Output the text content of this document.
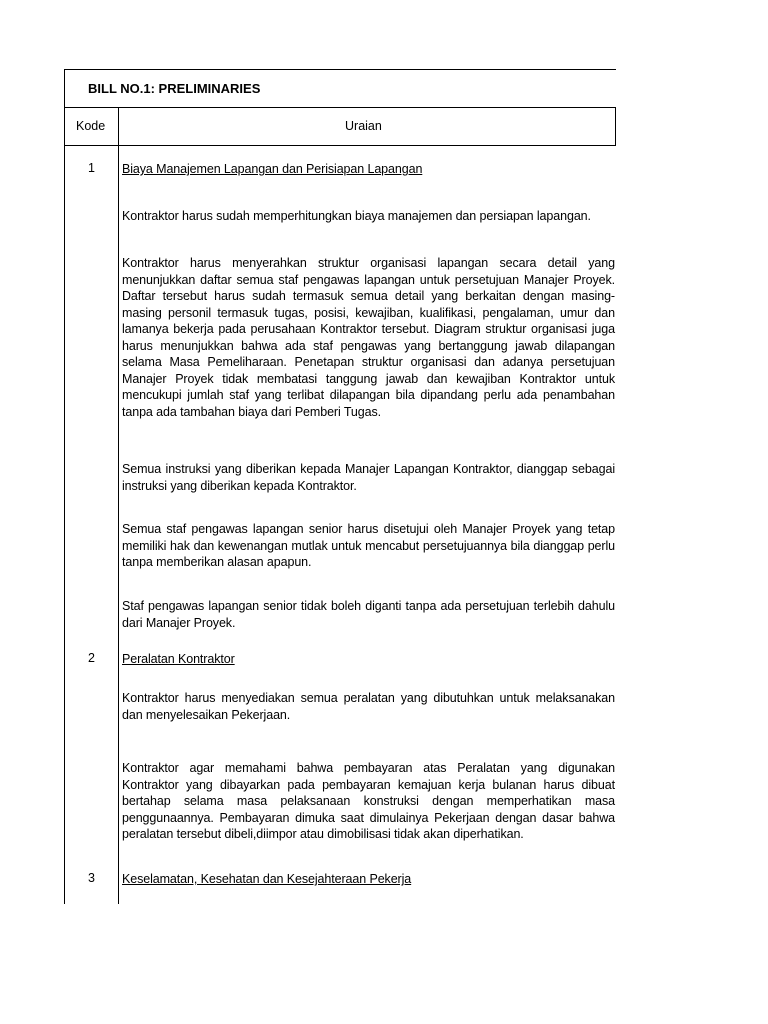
BILL NO.1: PRELIMINARIES
Kode	Uraian
1	Biaya Manajemen Lapangan dan Perisiapan Lapangan
Kontraktor harus sudah memperhitungkan biaya manajemen dan persiapan lapangan.
Kontraktor harus menyerahkan struktur organisasi lapangan secara detail yang menunjukkan daftar semua staf pengawas lapangan untuk persetujuan Manajer Proyek. Daftar tersebut harus sudah termasuk semua detail yang berkaitan dengan masing-masing personil termasuk tugas, posisi, kewajiban, kualifikasi, pengalaman, umur dan lamanya bekerja pada perusahaan Kontraktor tersebut. Diagram struktur organisasi juga harus menunjukkan bahwa ada staf pengawas yang bertanggung jawab dilapangan selama Masa Pemeliharaan. Penetapan struktur organisasi dan adanya persetujuan Manajer Proyek tidak membatasi tanggung jawab dan kewajiban Kontraktor untuk mencukupi jumlah staf yang terlibat dilapangan bila dipandang perlu ada penambahan tanpa ada tambahan biaya dari Pemberi Tugas.
Semua instruksi yang diberikan kepada Manajer Lapangan Kontraktor, dianggap sebagai instruksi yang diberikan kepada Kontraktor.
Semua staf pengawas lapangan senior harus disetujui oleh Manajer Proyek yang tetap memiliki hak dan kewenangan mutlak untuk mencabut persetujuannya bila dianggap perlu tanpa memberikan alasan apapun.
Staf pengawas lapangan senior tidak boleh diganti tanpa ada persetujuan terlebih dahulu dari Manajer Proyek.
2	Peralatan Kontraktor
Kontraktor harus menyediakan semua peralatan yang dibutuhkan untuk melaksanakan dan menyelesaikan Pekerjaan.
Kontraktor agar memahami bahwa pembayaran atas Peralatan yang digunakan Kontraktor yang dibayarkan pada pembayaran kemajuan kerja bulanan harus dibuat bertahap selama masa pelaksanaan konstruksi dengan memperhatikan masa penggunaannya. Pembayaran dimuka saat dimulainya Pekerjaan dengan dasar bahwa peralatan tersebut dibeli,diimpor atau dimobilisasi tidak akan diperhatikan.
3	Keselamatan, Kesehatan dan Kesejahteraan Pekerja
